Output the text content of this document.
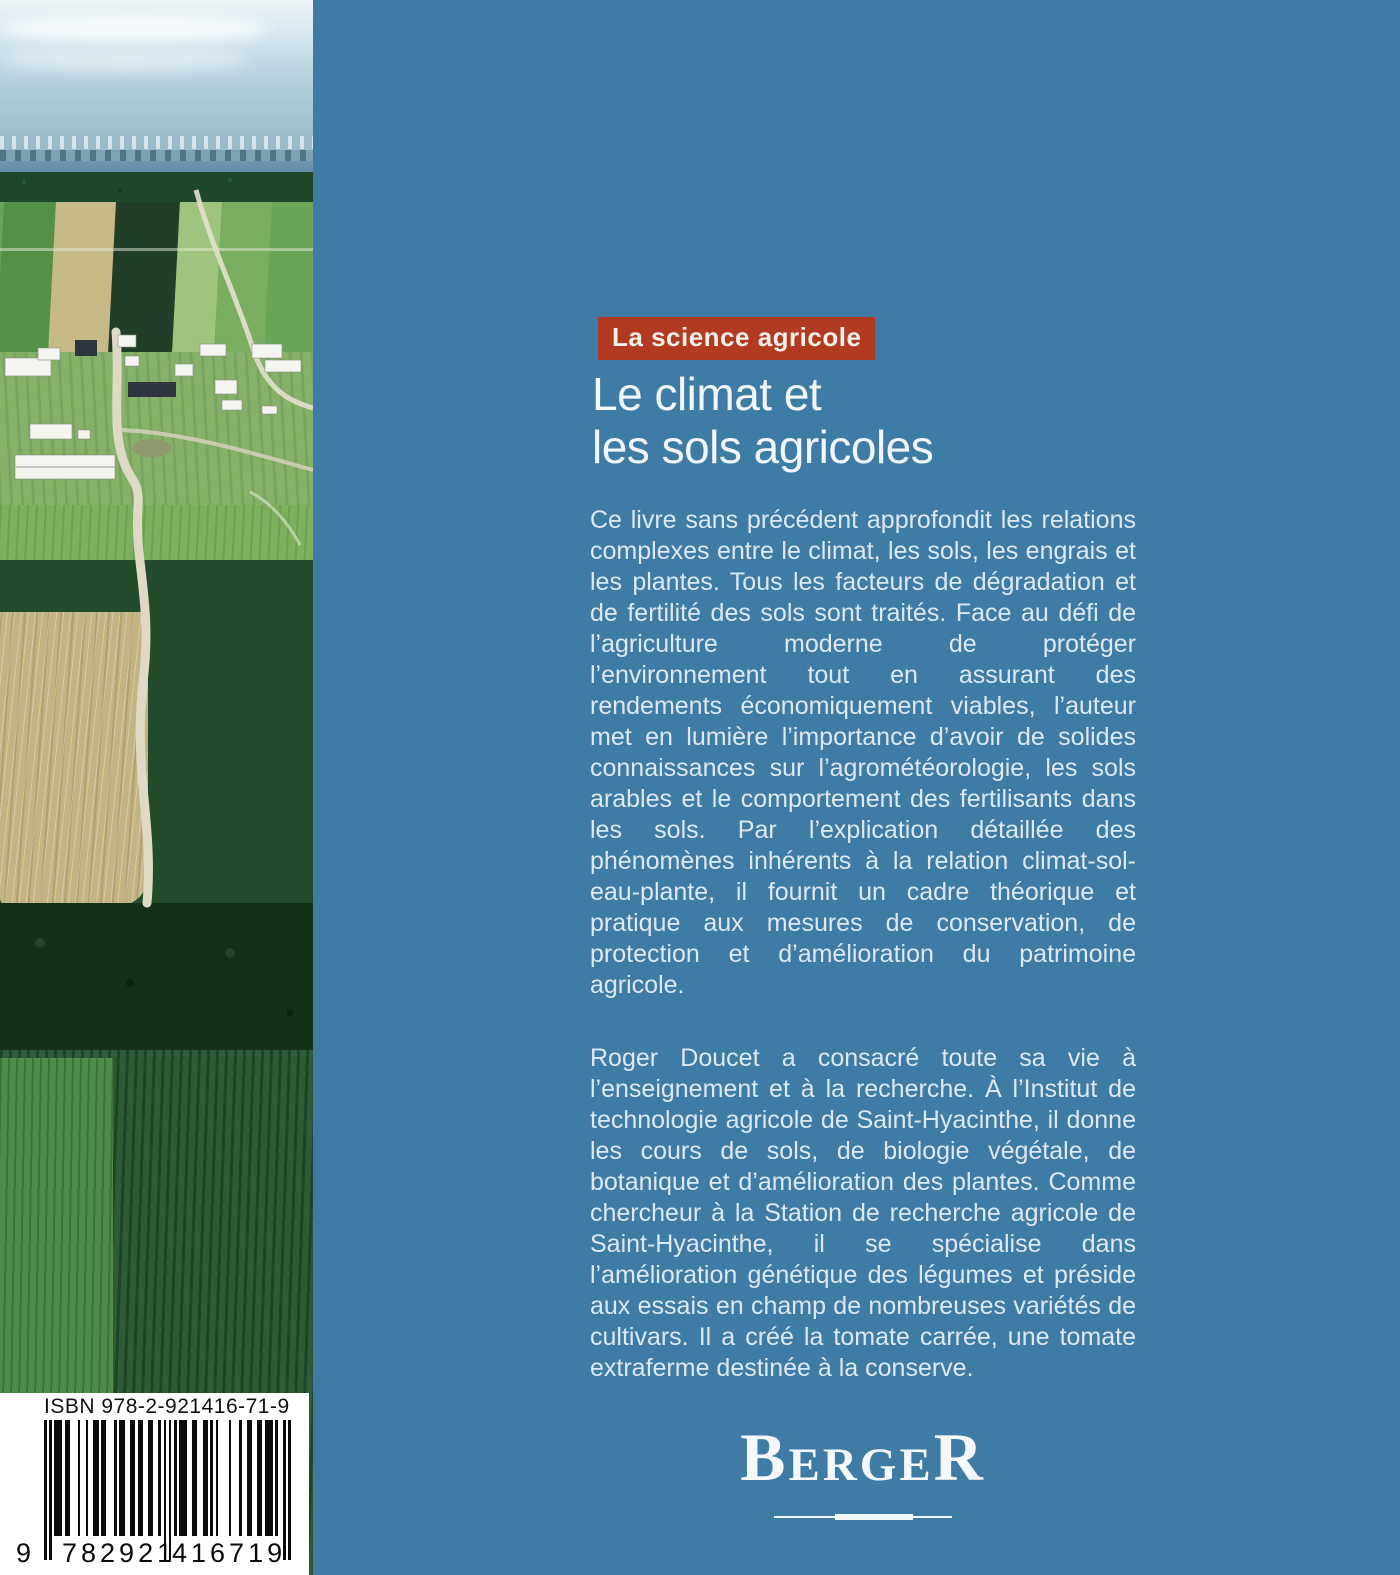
ISBN 978-2-921416-71-9
9 782921
416719
La science agricole
Le climat et
les sols agricoles

Ce livre sans précédent approfondit les relations complexes entre le climat, les sols, les engrais et les plantes. Tous les facteurs de dégradation et de fertilité des sols sont traités. Face au défi de l’agriculture moderne de protéger l’environnement tout en assurant des rendements économiquement viables, l’auteur met en lumière l’importance d’avoir de solides connaissances sur l’agrométéorologie, les sols arables et le comportement des fertilisants dans les sols. Par l’explication détaillée des phénomènes inhérents à la relation climat-sol-eau-plante, il fournit un cadre théorique et pratique aux mesures de conservation, de protection et d’amélioration du patrimoine agricole.

Roger Doucet a consacré toute sa vie à l’enseignement et à la recherche. À l’Institut de technologie agricole de Saint-Hyacinthe, il donne les cours de sols, de biologie végétale, de botanique et d’amélioration des plantes. Comme chercheur à la Station de recherche agricole de Saint-Hyacinthe, il se spécialise dans l’amélioration génétique des légumes et préside aux essais en champ de nombreuses variétés de cultivars. Il a créé la tomate carrée, une tomate extraferme destinée à la conserve.

BERGER
